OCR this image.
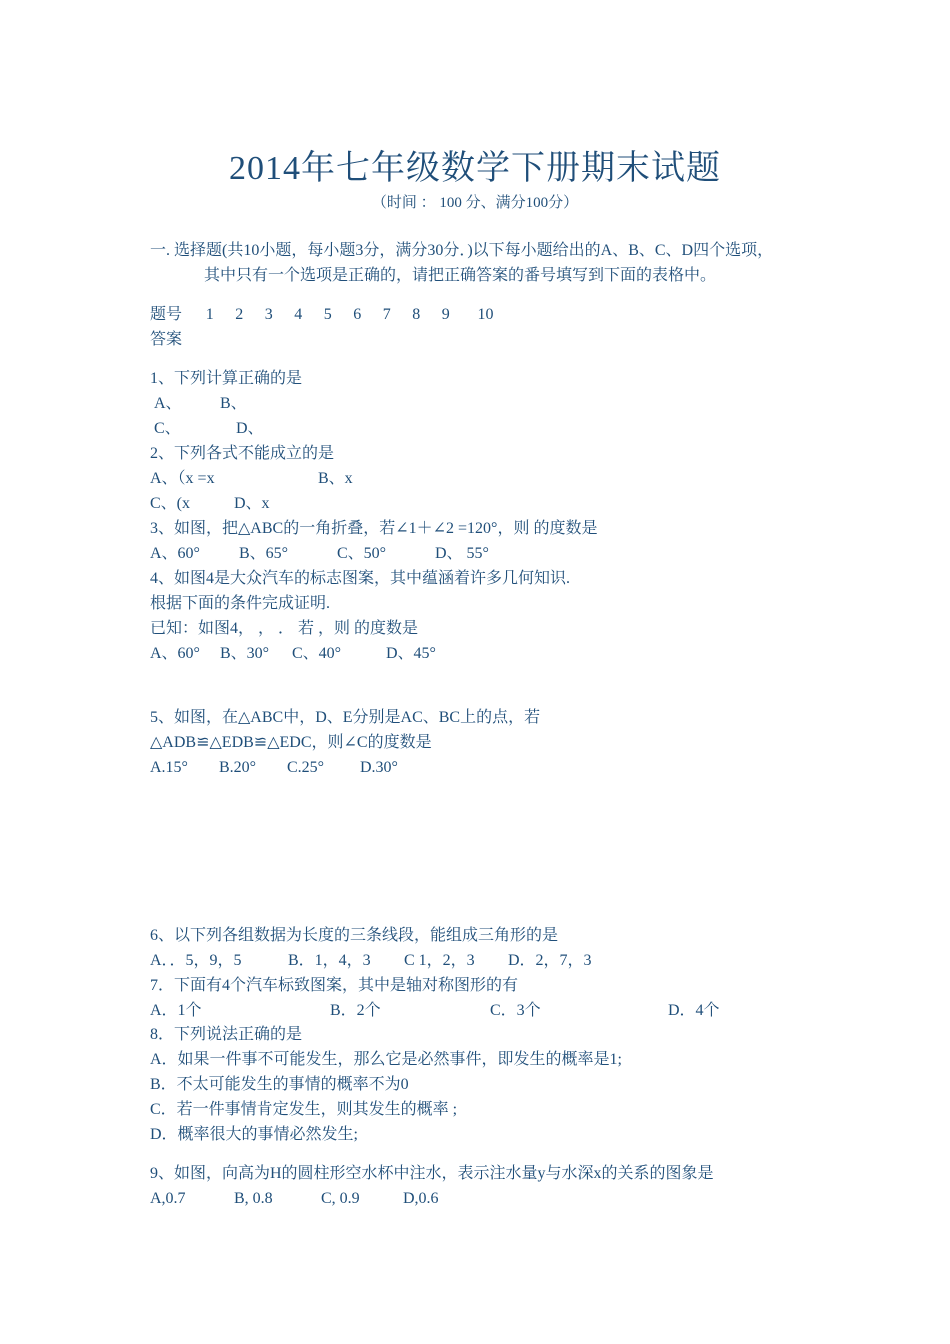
2014年七年级数学下册期末试题
（时间 ： 100 分、满分100分）
一. 选择题(共10小题，每小题3分，满分30分．)以下每小题给出的A、B、C、D四个选项，
其中只有一个选项是正确的，请把正确答案的番号填写到下面的表格中。
题号 1 2 3 4 5 6 7 8 9 10
答案
1、下列计算正确的是
A、 B、
C、	D、
2、下列各式不能成立的是
A、（x =x	B、x
C、(x	D、x
3、如图，把△ABC的一角折叠，若∠1＋∠2 =120°，则 的度数是
A、60° B、65°	C、50°	D、 55°
4、如图4是大众汽车的标志图案，其中蕴涵着许多几何知识.
根据下面的条件完成证明.
已知：如图4， ， ． 若 ，则 的度数是
A、60° B、30° C、40°	D、45°
5、如图，在△ABC中，D、E分别是AC、BC上的点，若
△ADB≌△EDB≌△EDC，则∠C的度数是
A.15° B.20° C.25° D.30°
6、以下列各组数据为长度的三条线段，能组成三角形的是
A．．5，9，5	B．1，4，3 C 1，2，3 D．2，7，3
7．下面有4个汽车标致图案，其中是轴对称图形的有
A．1个	B．2个	C．3个	D．4个
8．下列说法正确的是
A．如果一件事不可能发生，那么它是必然事件，即发生的概率是1;
B．不太可能发生的事情的概率不为0
C．若一件事情肯定发生，则其发生的概率 ;
D．概率很大的事情必然发生;
9、如图，向高为H的圆柱形空水杯中注水，表示注水量y与水深x的关系的图象是
A,0.7	B, 0.8	C, 0.9	D,0.6
